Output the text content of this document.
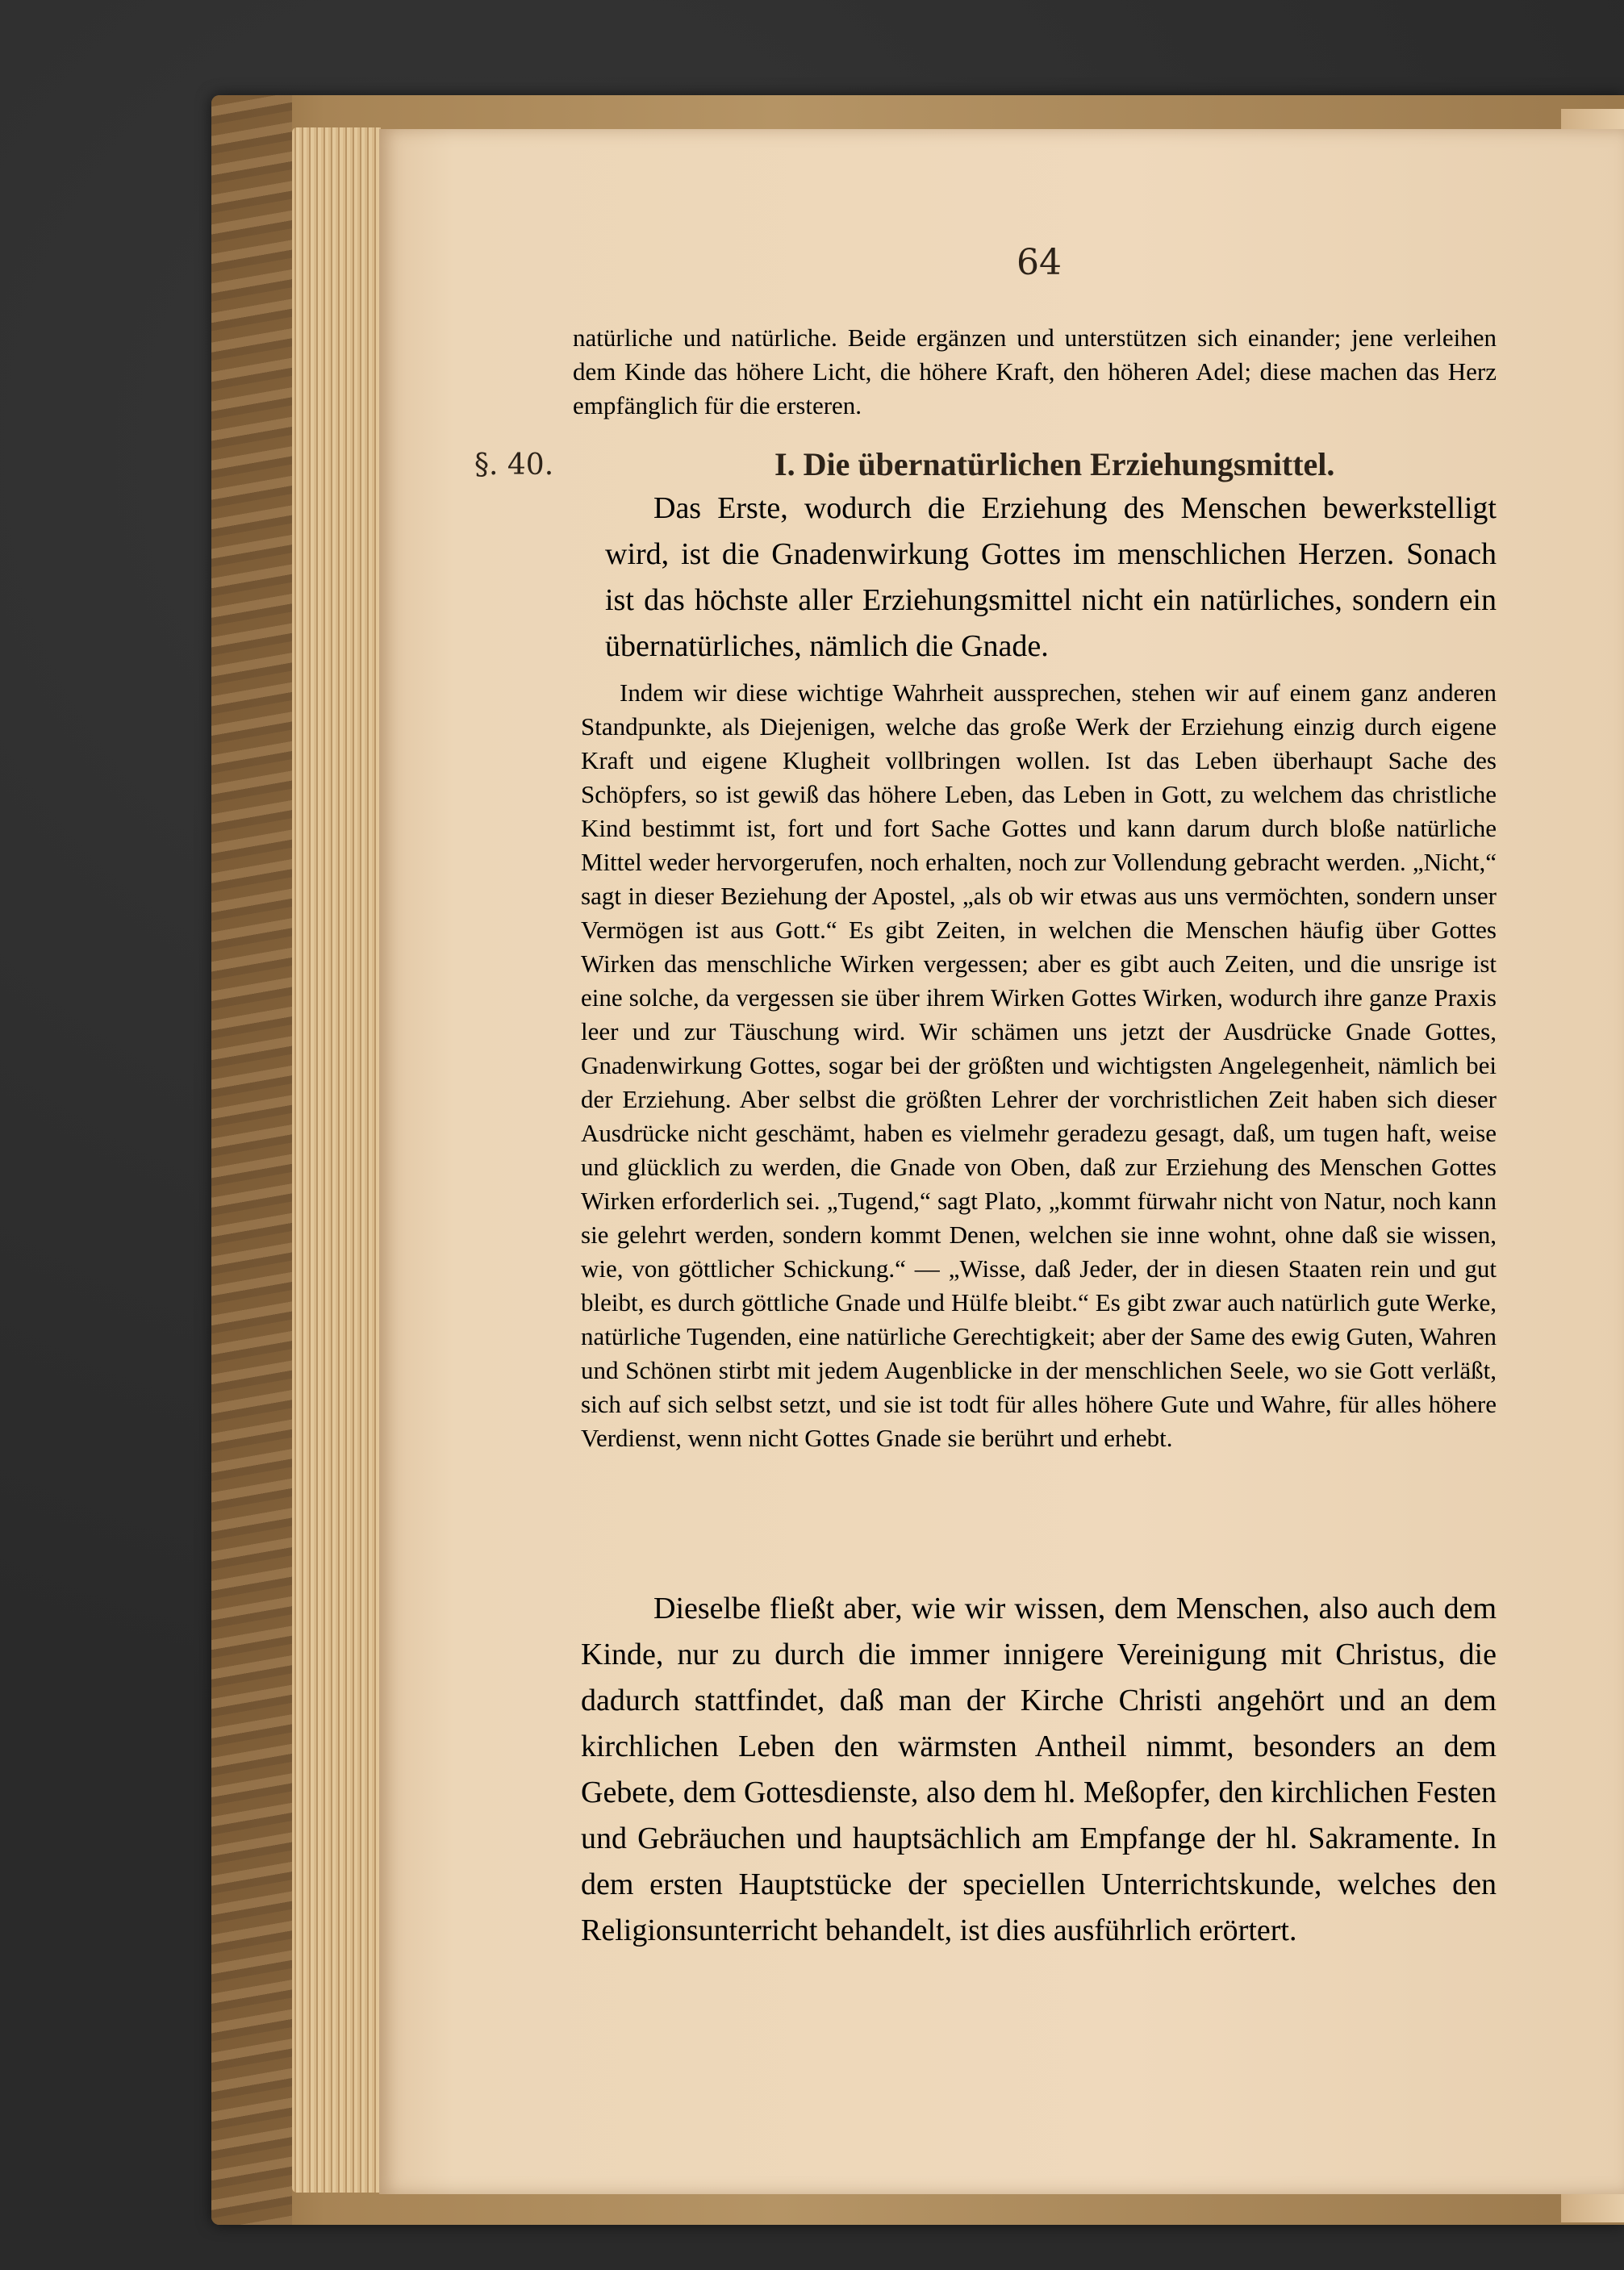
64

natürliche und natürliche. Beide ergänzen und unterstützen sich einander; jene verleihen dem Kinde das höhere Licht, die höhere Kraft, den höheren Adel; diese machen das Herz empfänglich für die ersteren.

§. 40.	I. Die übernatürlichen Erziehungsmittel.

Das Erste, wodurch die Erziehung des Menschen bewerkstelligt wird, ist die Gnadenwirkung Gottes im menschlichen Herzen. Sonach ist das höchste aller Erziehungsmittel nicht ein natürliches, sondern ein übernatürliches, nämlich die Gnade.

Indem wir diese wichtige Wahrheit aussprechen, stehen wir auf einem ganz anderen Standpunkte, als Diejenigen, welche das große Werk der Erziehung einzig durch eigene Kraft und eigene Klugheit vollbringen wollen. Ist das Leben überhaupt Sache des Schöpfers, so ist gewiß das höhere Leben, das Leben in Gott, zu welchem das christliche Kind bestimmt ist, fort und fort Sache Gottes und kann darum durch bloße natürliche Mittel weder hervorgerufen, noch erhalten, noch zur Vollendung gebracht werden. „Nicht,“ sagt in dieser Beziehung der Apostel, „als ob wir etwas aus uns vermöchten, sondern unser Vermögen ist aus Gott.“ Es gibt Zeiten, in welchen die Menschen häufig über Gottes Wirken das menschliche Wirken vergessen; aber es gibt auch Zeiten, und die unsrige ist eine solche, da vergessen sie über ihrem Wirken Gottes Wirken, wodurch ihre ganze Praxis leer und zur Täuschung wird. Wir schämen uns jetzt der Ausdrücke Gnade Gottes, Gnadenwirkung Gottes, sogar bei der größten und wichtigsten Angelegenheit, nämlich bei der Erziehung. Aber selbst die größten Lehrer der vorchristlichen Zeit haben sich dieser Ausdrücke nicht geschämt, haben es vielmehr geradezu gesagt, daß, um tugen haft, weise und glücklich zu werden, die Gnade von Oben, daß zur Erziehung des Menschen Gottes Wirken erforderlich sei. „Tugend,“ sagt Plato, „kommt fürwahr nicht von Natur, noch kann sie gelehrt werden, sondern kommt Denen, welchen sie inne wohnt, ohne daß sie wissen, wie, von göttlicher Schickung.“ — „Wisse, daß Jeder, der in diesen Staaten rein und gut bleibt, es durch göttliche Gnade und Hülfe bleibt.“ Es gibt zwar auch natürlich gute Werke, natürliche Tugenden, eine natürliche Gerechtigkeit; aber der Same des ewig Guten, Wahren und Schönen stirbt mit jedem Augenblicke in der menschlichen Seele, wo sie Gott verläßt, sich auf sich selbst setzt, und sie ist todt für alles höhere Gute und Wahre, für alles höhere Verdienst, wenn nicht Gottes Gnade sie berührt und erhebt.

Dieselbe fließt aber, wie wir wissen, dem Menschen, also auch dem Kinde, nur zu durch die immer innigere Vereinigung mit Christus, die dadurch stattfindet, daß man der Kirche Christi angehört und an dem kirchlichen Leben den wärmsten Antheil nimmt, besonders an dem Gebete, dem Gottesdienste, also dem hl. Meßopfer, den kirchlichen Festen und Gebräuchen und hauptsächlich am Empfange der hl. Sakramente. In dem ersten Hauptstücke der speciellen Unterrichtskunde, welches den Religionsunterricht behandelt, ist dies ausführlich erörtert.
